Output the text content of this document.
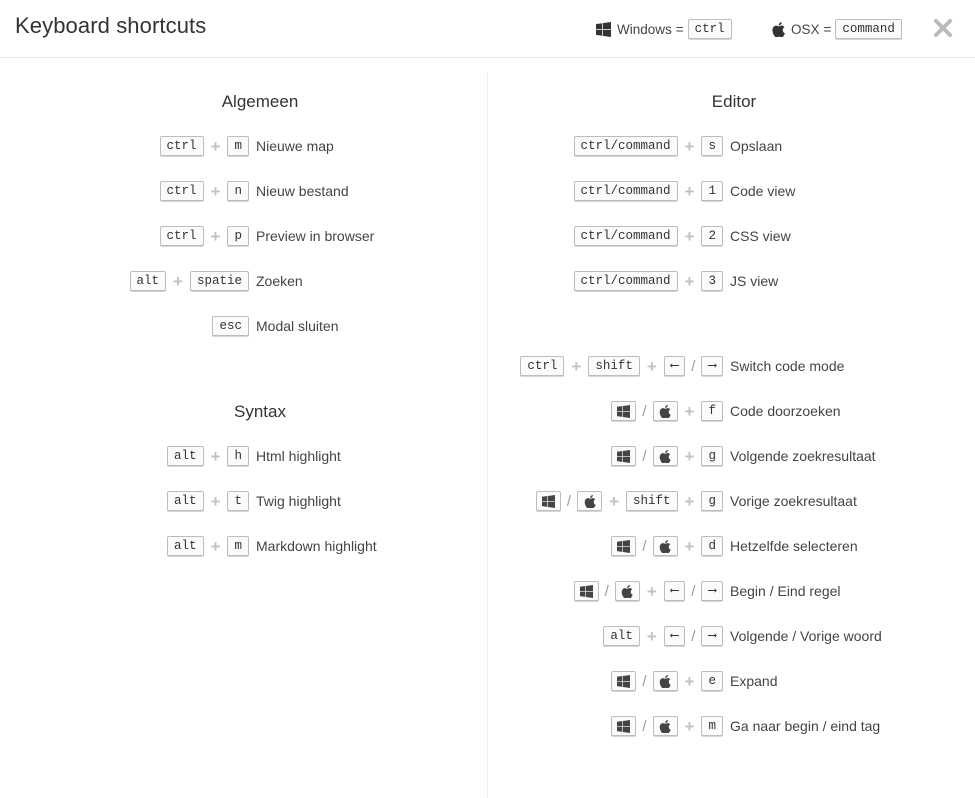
Keyboard shortcuts	Windows = ctrl	OSX = command
Algemeen
ctrl +	m	Nieuwe map
ctrl +	n	Nieuw bestand
ctrl +	p	Preview in browser
alt +	spatie	Zoeken
esc	Modal sluiten
Syntax
alt +	h	Html highlight
alt +	t	Twig highlight
alt +	m	Markdown highlight
Editor
ctrl/command +	s	Opslaan
ctrl/command +	1	Code view
ctrl/command +	2	CSS view
ctrl/command +	3	JS view
ctrl +	shift +	⟵ /	⟶	Switch code mode
/ +	f	Code doorzoeken
/ +	g	Volgende zoekresultaat
/ +	shift +	g	Vorige zoekresultaat
/ +	d	Hetzelfde selecteren
/ +	⟵ /	⟶	Begin / Eind regel
alt +	⟵ /	⟶	Volgende / Vorige woord
/ +	e	Expand
/ +	m	Ga naar begin / eind tag
